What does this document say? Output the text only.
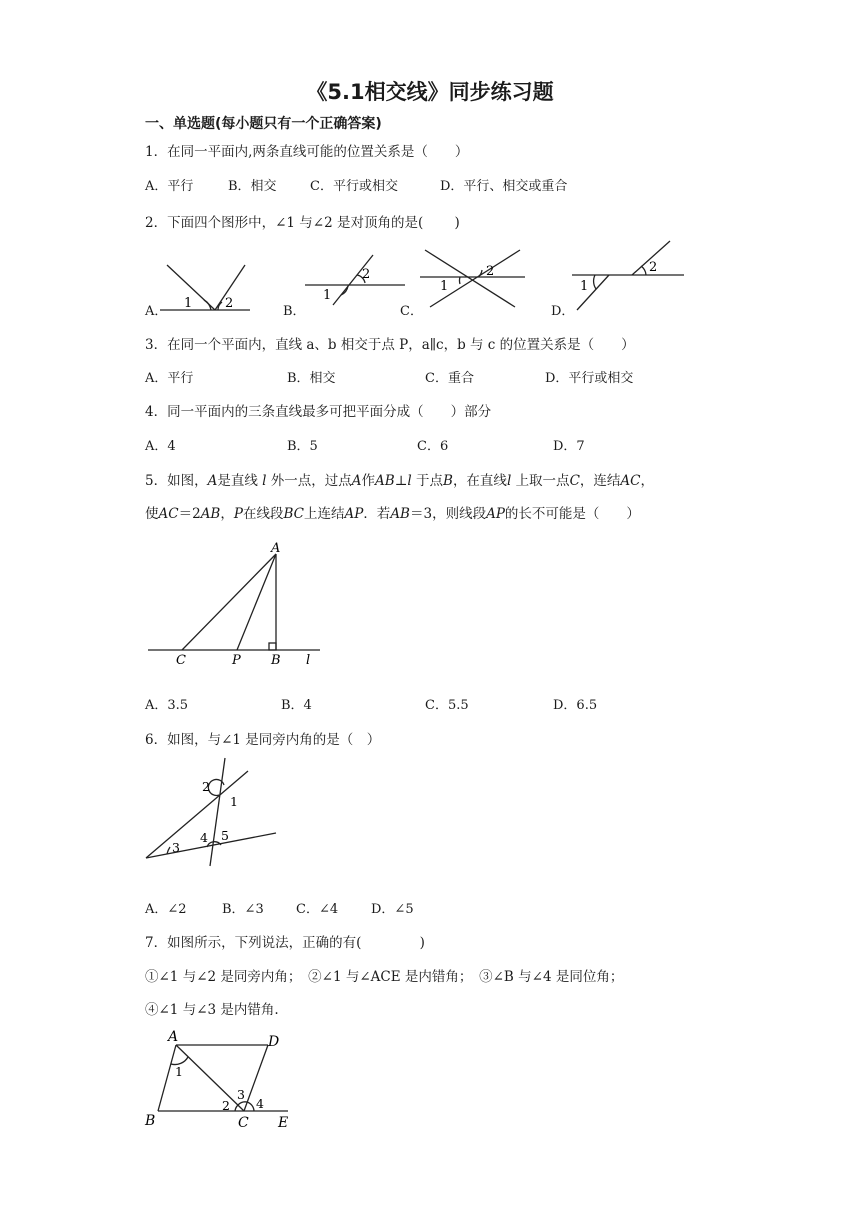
《5.1相交线》同步练习题
一、单选题(每小题只有一个正确答案)
1．在同一平面内,两条直线可能的位置关系是（　　）
A．平行	B．相交	C．平行或相交	D．平行、相交或重合
2．下面四个图形中，∠1 与∠2 是对顶角的是(　　 )
A．
1	2
B．
1
2
C．
1
2
D．
1
2
3．在同一个平面内，直线 a、b 相交于点 P，a∥c，b 与 c 的位置关系是（　　）
A．平行	B．相交	C．重合	D．平行或相交
4．同一平面内的三条直线最多可把平面分成（　　）部分
A．4	B．5	C．6	D．7
5．如图，A是直线 l 外一点，过点A作AB⊥l 于点B，在直线l 上取一点C，连结AC，
使AC＝2AB，P在线段BC上连结AP．若AB＝3，则线段AP的长不可能是（　　）
A
C	P B l
A．3.5	B．4	C．5.5	D．6.5
6．如图，与∠1 是同旁内角的是（　）
1
2
3
4 5
A．∠2	B．∠3 C．∠4	D．∠5
7．如图所示，下列说法，正确的有(　　　　 )
①∠1 与∠2 是同旁内角；　②∠1 与∠ACE 是内错角；　③∠B 与∠4 是同位角；
④∠1 与∠3 是内错角.
A	D
B	C E
1
2
3
4
